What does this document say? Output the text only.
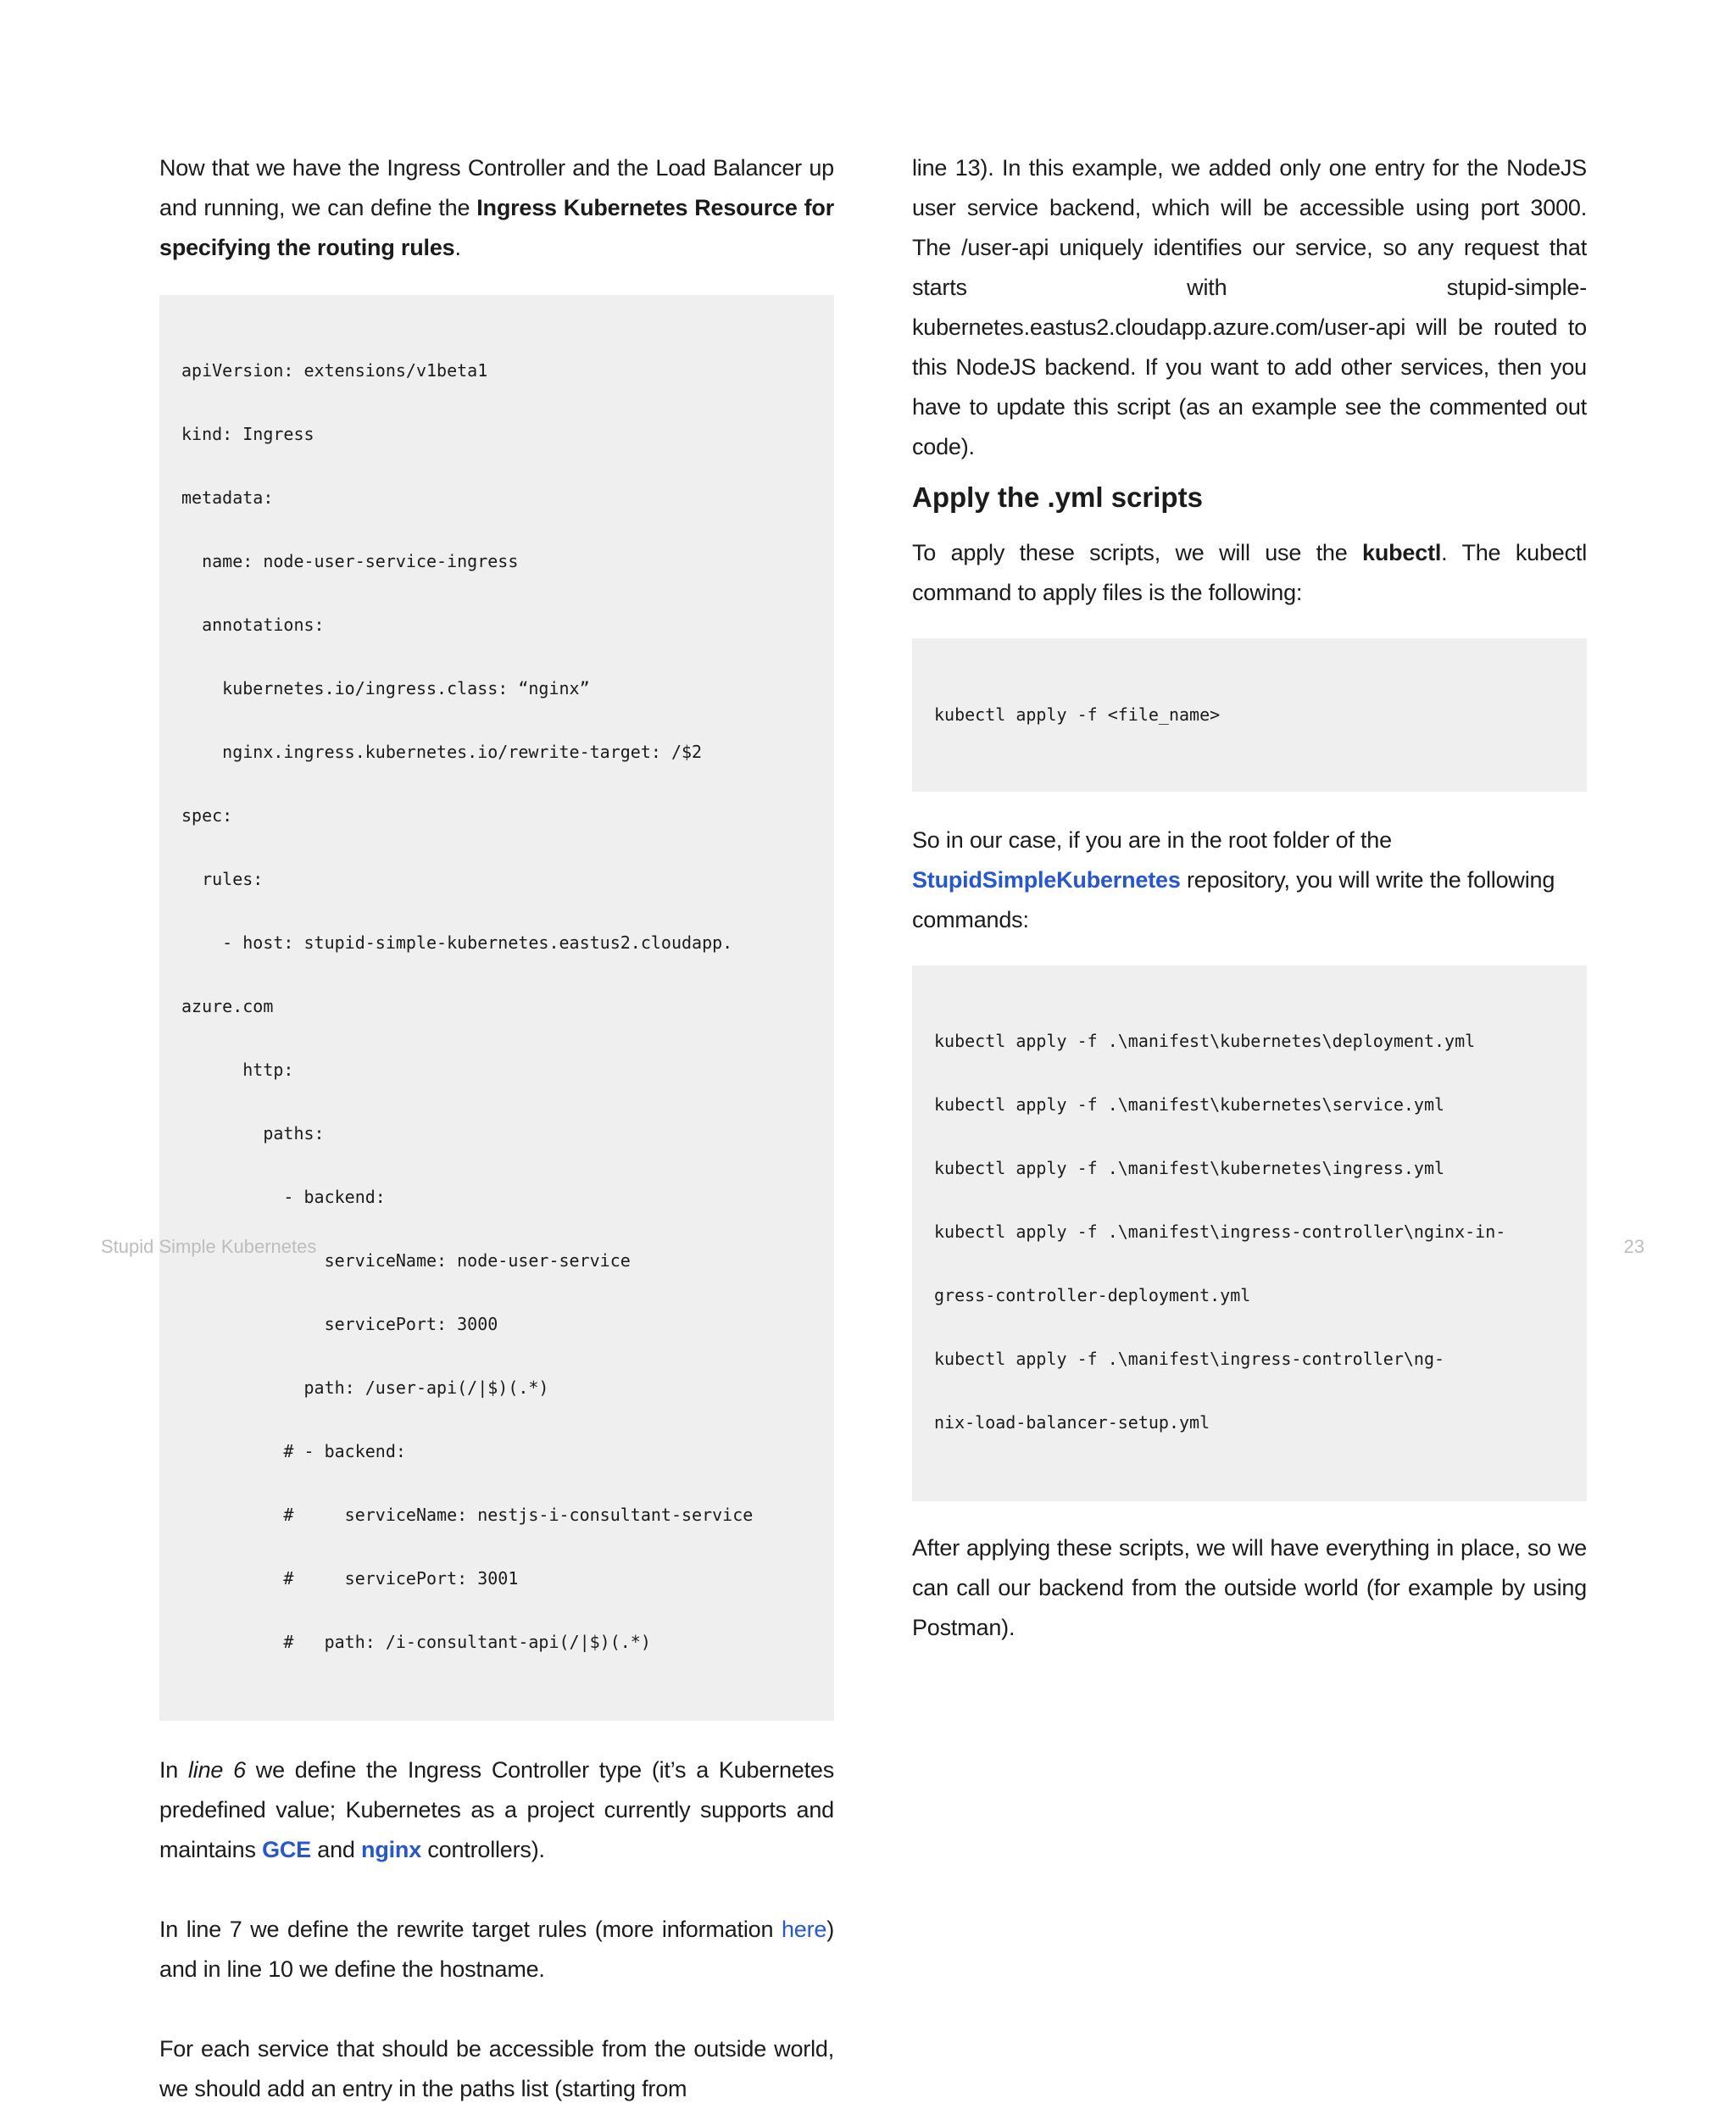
Now that we have the Ingress Controller and the Load Balancer up and running, we can define the Ingress Kubernetes Resource for specifying the routing rules.

apiVersion: extensions/v1beta1

kind: Ingress

metadata:

name: node-user-service-ingress

annotations:

kubernetes.io/ingress.class: “nginx”

nginx.ingress.kubernetes.io/rewrite-target: /$2

spec:

rules:

- host: stupid-simple-kubernetes.eastus2.cloudapp.

azure.com

http:

paths:

- backend:

serviceName: node-user-service

servicePort: 3000

path: /user-api(/|$)(.*)

# - backend:

#     serviceName: nestjs-i-consultant-service

#     servicePort: 3001

#   path: /i-consultant-api(/|$)(.*)

In line 6 we define the Ingress Controller type (it’s a Kubernetes predefined value; Kubernetes as a project currently supports and maintains GCE and nginx controllers).

In line 7 we define the rewrite target rules (more information here) and in line 10 we define the hostname.

For each service that should be accessible from the outside world, we should add an entry in the paths list (starting from

line 13). In this example, we added only one entry for the NodeJS user service backend, which will be accessible using port 3000. The /user-api uniquely identifies our service, so any request that starts with stupid-simple-kubernetes.eastus2.cloudapp.azure.com/user-api will be routed to this NodeJS backend. If you want to add other services, then you have to update this script (as an example see the commented out code).

Apply the .yml scripts

To apply these scripts, we will use the kubectl. The kubectl command to apply files is the following:

kubectl apply -f <file_name>

So in our case, if you are in the root folder of the StupidSimpleKubernetes repository, you will write the following commands:

kubectl apply -f .\manifest\kubernetes\deployment.yml

kubectl apply -f .\manifest\kubernetes\service.yml

kubectl apply -f .\manifest\kubernetes\ingress.yml

kubectl apply -f .\manifest\ingress-controller\nginx-in-

gress-controller-deployment.yml

kubectl apply -f .\manifest\ingress-controller\ng-

nix-load-balancer-setup.yml

After applying these scripts, we will have everything in place, so we can call our backend from the outside world (for example by using Postman).

Stupid Simple Kubernetes	23
